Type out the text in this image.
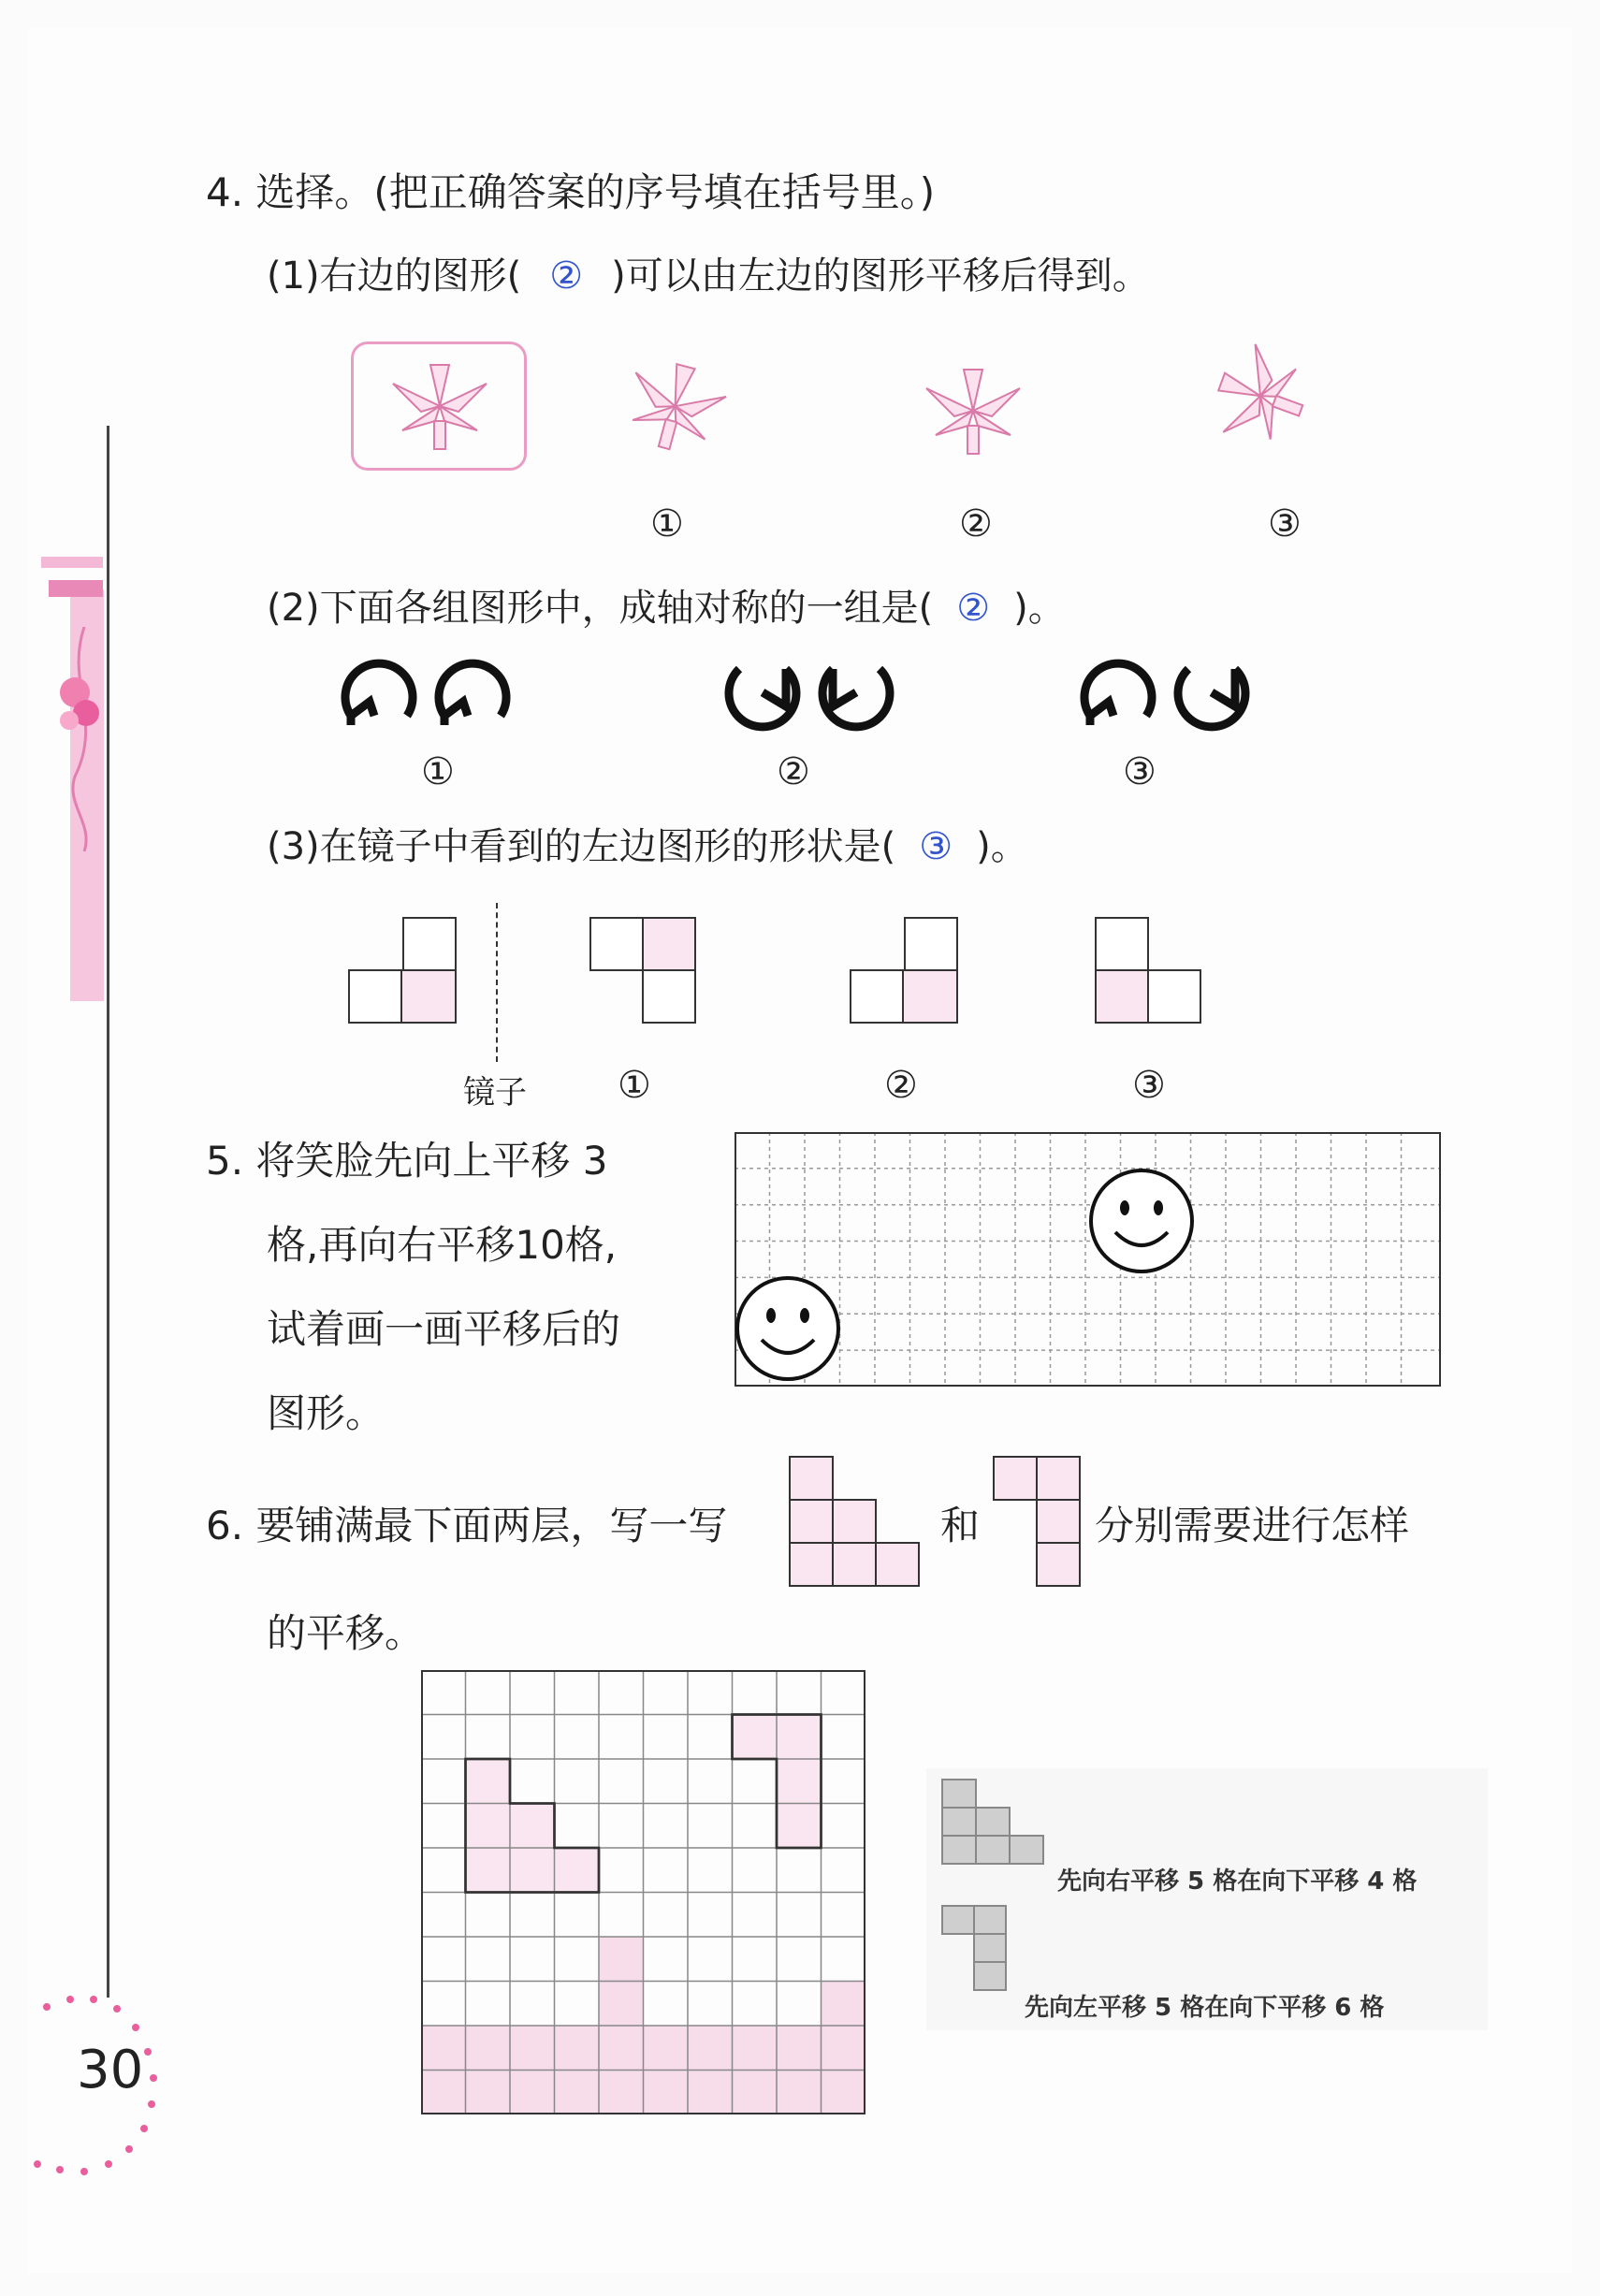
4. 选择。(把正确答案的序号填在括号里。)
(1)右边的图形( ② )可以由左边的图形平移后得到。
①	②	③
(2)下面各组图形中，成轴对称的一组是( ② )。
①	②	③
(3)在镜子中看到的左边图形的形状是( ③ )。
镜子 ①	②	③
5. 将笑脸先向上平移 3
格,再向右平移10格,
试着画一画平移后的
图形。
6. 要铺满最下面两层，写一写	和	分别需要进行怎样
的平移。
先向右平移 5 格在向下平移 4 格
先向左平移 5 格在向下平移 6 格
30
